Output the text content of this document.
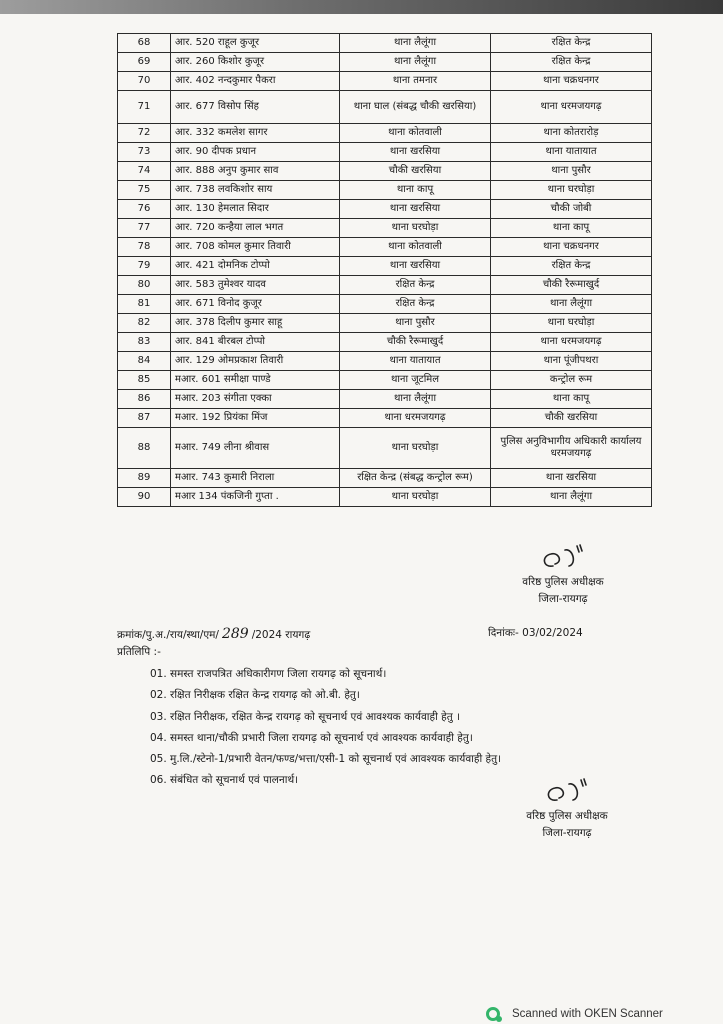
68	आर. 520 राहूल कुजूर	थाना लैलूंगा	रक्षित केन्द्र
69	आर. 260 किशोर कुजूर	थाना लैलूंगा	रक्षित केन्द्र
70	आर. 402 नन्दकुमार पैकरा	थाना तमनार	थाना चक्रधनगर
71	आर. 677 विसोप सिंह	थाना घाल (संबद्ध चौकी खरसिया)	थाना धरमजयगढ़
72	आर. 332 कमलेश सागर	थाना कोतवाली	थाना कोतरारोड़
73	आर. 90 दीपक प्रधान	थाना खरसिया	थाना यातायात
74	आर. 888 अनुप कुमार साव	चौकी खरसिया	थाना पुसौर
75	आर. 738 लवकिशोर साय	थाना कापू	थाना घरघोड़ा
76	आर. 130 हेमलात सिदार	थाना खरसिया	चौकी जोबी
77	आर. 720 कन्हैया लाल भगत	थाना घरघोड़ा	थाना कापू
78	आर. 708 कोमल कुमार तिवारी	थाना कोतवाली	थाना चक्रधनगर
79	आर. 421 दोमनिक टोप्पो	थाना खरसिया	रक्षित केन्द्र
80	आर. 583 तुमेश्वर यादव	रक्षित केन्द्र	चौकी रैरूमाखुर्द
81	आर. 671 विनोद कुजूर	रक्षित केन्द्र	थाना लैलूंगा
82	आर. 378 दिलीप कुमार साहू	थाना पुसौर	थाना घरघोड़ा
83	आर. 841 बीरबल टोप्पो	चौकी रैरूमाखुर्द	थाना धरमजयगढ़
84	आर. 129 ओमप्रकाश तिवारी	थाना यातायात	थाना पूंजीपथरा
85	मआर. 601 समीक्षा पाण्डे	थाना जूटमिल	कन्ट्रोल रूम
86	मआर. 203 संगीता एक्का	थाना लैलूंगा	थाना कापू
87	मआर. 192 प्रियंका मिंज	थाना धरमजयगढ़	चौकी खरसिया
88	मआर. 749 लीना श्रीवास	थाना घरघोड़ा	पुलिस अनुविभागीय अधिकारी कार्यालय धरमजयगढ़
89	मआर. 743 कुमारी निराला	रक्षित केन्द्र (संबद्ध कन्ट्रोल रूम)	थाना खरसिया
90	मआर 134 पंकजिनी गुप्ता .	थाना घरघोड़ा	थाना लैलूंगा
वरिष्ठ पुलिस अधीक्षक
जिला-रायगढ़
क्रमांक/पु.अ./राय/स्था/एम/ 289 /2024 रायगढ़	दिनांकः- 03/02/2024
प्रतिलिपि :-
01. समस्त राजपत्रित अधिकारीगण जिला रायगढ़ को सूचनार्थ।
02. रक्षित निरीक्षक रक्षित केन्द्र रायगढ़ को ओ.बी. हेतु।
03. रक्षित निरीक्षक, रक्षित केन्द्र रायगढ़ को सूचनार्थ एवं आवश्यक कार्यवाही हेतु ।
04. समस्त थाना/चौकी प्रभारी जिला रायगढ़ को सूचनार्थ एवं आवश्यक कार्यवाही हेतु।
05. मु.लि./स्टेनो-1/प्रभारी वेतन/फण्ड/भत्ता/एसी-1 को सूचनार्थ एवं आवश्यक कार्यवाही हेतु।
06. संबंधित को सूचनार्थ एवं पालनार्थ।
वरिष्ठ पुलिस अधीक्षक
जिला-रायगढ़
Scanned with OKEN Scanner
